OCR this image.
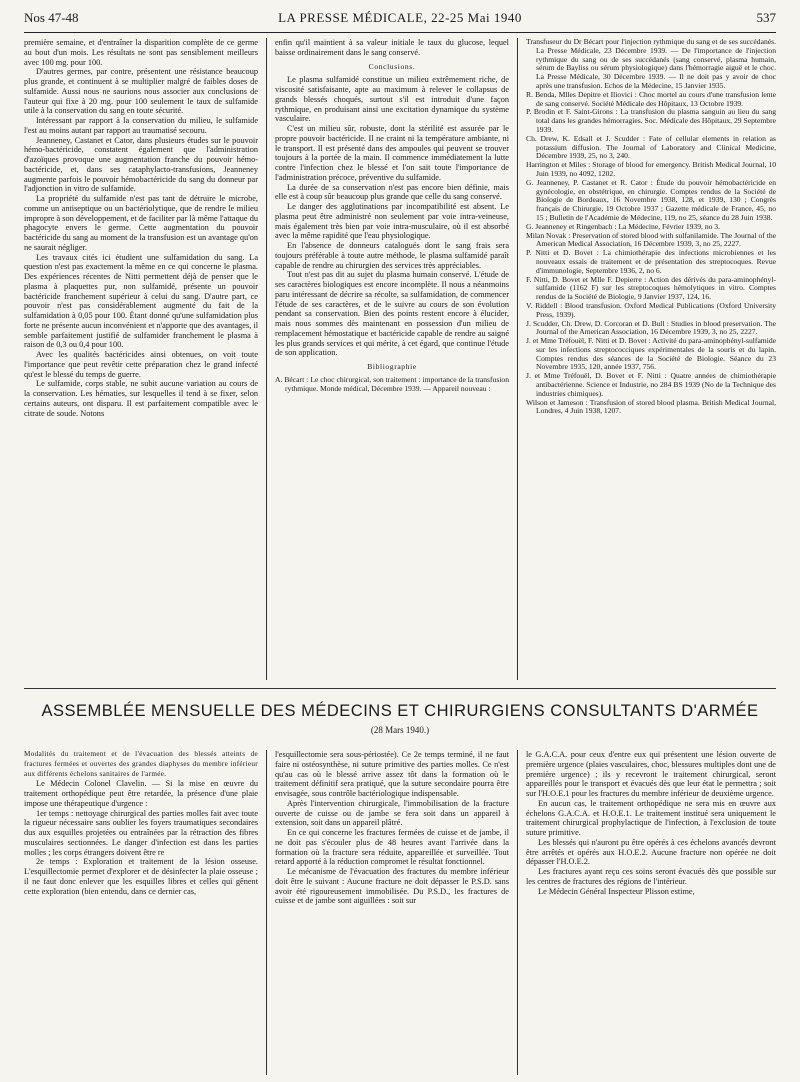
Nos 47-48	LA PRESSE MÉDICALE, 22-25 Mai 1940	537

première semaine, et d'entraîner la disparition complète de ce germe au bout d'un mois. Les résultats ne sont pas sensiblement meilleurs avec 100 mg. pour 100.

D'autres germes, par contre, présentent une résistance beaucoup plus grande, et continuent à se multiplier malgré de faibles doses de sulfamide. Aussi nous ne saurions nous associer aux conclusions de l'auteur qui fixe à 20 mg. pour 100 seulement le taux de sulfamide utile à la conservation du sang en toute sécurité.

Intéressant par rapport à la conservation du milieu, le sulfamide l'est au moins autant par rapport au traumatisé secouru.

Jeanneney, Castanet et Cator, dans plusieurs études sur le pouvoir hémo-bactéricide, constatent également que l'administration d'azoïques provoque une augmentation franche du pouvoir hémo-bactéricide, et, dans ses cataphylacto-transfusions, Jeanneney augmente parfois le pouvoir hémobactéricide du sang du donneur par l'adjonction in vitro de sulfamide.

La propriété du sulfamide n'est pas tant de détruire le microbe, comme un antiseptique ou un bactériolytique, que de rendre le milieu impropre à son développement, et de faciliter par là même l'attaque du phagocyte envers le germe. Cette augmentation du pouvoir bactéricide du sang au moment de la transfusion est un avantage qu'on ne saurait négliger.

Les travaux cités ici étudient une sulfamidation du sang. La question n'est pas exactement la même en ce qui concerne le plasma. Des expériences récentes de Nitti permettent déjà de penser que le plasma à plaquettes pur, non sulfamidé, présente un pouvoir bactéricide franchement supérieur à celui du sang. D'autre part, ce pouvoir n'est pas considérablement augmenté du fait de la sulfamidation à 0,05 pour 100. Étant donné qu'une sulfamidation plus forte ne présente aucun inconvénient et n'apporte que des avantages, il semble parfaitement justifié de sulfamider franchement le plasma à raison de 0,3 ou 0,4 pour 100.

Avec les qualités bactéricides ainsi obtenues, on voit toute l'importance que peut revêtir cette préparation chez le grand infecté qu'est le blessé du temps de guerre.

Le sulfamide, corps stable, ne subit aucune variation au cours de la conservation. Les hématies, sur lesquelles il tend à se fixer, selon certains auteurs, ont disparu. Il est parfaitement compatible avec le citrate de soude. Notons

enfin qu'il maintient à sa valeur initiale le taux du glucose, lequel baisse ordinairement dans le sang conservé.

Conclusions.

Le plasma sulfamidé constitue un milieu extrêmement riche, de viscosité satisfaisante, apte au maximum à relever le collapsus de grands blessés choqués, surtout s'il est introduit d'une façon rythmique, en produisant ainsi une excitation dynamique du système vasculaire.

C'est un milieu sûr, robuste, dont la stérilité est assurée par le propre pouvoir bactéricide. Il ne craint ni la température ambiante, ni le transport. Il est présenté dans des ampoules qui peuvent se trouver toujours à la portée de la main. Il commence immédiatement la lutte contre l'infection chez le blessé et l'on sait toute l'importance de l'administration précoce, préventive du sulfamide.

La durée de sa conservation n'est pas encore bien définie, mais elle est à coup sûr beaucoup plus grande que celle du sang conservé.

Le danger des agglutinations par incompatibilité est absent. Le plasma peut être administré non seulement par voie intra-veineuse, mais également très bien par voie intra-musculaire, où il est absorbé avec la même rapidité que l'eau physiologique.

En l'absence de donneurs catalogués dont le sang frais sera toujours préférable à toute autre méthode, le plasma sulfamidé paraît capable de rendre au chirurgien des services très appréciables.

Tout n'est pas dit au sujet du plasma humain conservé. L'étude de ses caractères biologiques est encore incomplète. Il nous a néanmoins paru intéressant de décrire sa récolte, sa sulfamidation, de commencer l'étude de ses caractères, et de le suivre au cours de son évolution pendant sa conservation. Bien des points restent encore à élucider, mais nous sommes dès maintenant en possession d'un milieu de remplacement hémostatique et bactéricide capable de rendre au saigné les plus grands services et qui mérite, à cet égard, que continue l'étude de son application.

Bibliographie

A. Bécart : Le choc chirurgical, son traitement : importance de la transfusion rythmique. Monde médical, Décembre 1939. — Appareil nouveau :

Transfuseur du Dr Bécart pour l'injection rythmique du sang et de ses succédanés. La Presse Médicale, 23 Décembre 1939. — De l'importance de l'injection rythmique du sang ou de ses succédanés (sang conservé, plasma humain, sérum de Bayliss ou sérum physiologique) dans l'hémorragie aiguë et le choc. La Presse Médicale, 30 Décembre 1939. — Il ne doit pas y avoir de choc après une transfusion. Echos de la Médecine, 15 Janvier 1935.

R. Benda, Mlles Depitre et Iliovici : Choc mortel au cours d'une transfusion lente de sang conservé. Société Médicale des Hôpitaux, 13 Octobre 1939.

P. Brodin et F. Saint-Girons : La transfusion du plasma sanguin au lieu du sang total dans les grandes hémorragies. Soc. Médicale des Hôpitaux, 29 Septembre 1939.

Ch. Drew, K. Edsall et J. Scudder : Fate of cellular elements in relation as potassium diffusion. The Journal of Laboratory and Clinical Medicine, Décembre 1939, 25, no 3, 240.

Harrington et Miles : Storage of blood for emergency. British Medical Journal, 10 Juin 1939, no 4092, 1202.

G. Jeanneney, P. Castanet et R. Cator : Étude du pouvoir hémobactéricide en gynécologie, en obstétrique, en chirurgie. Comptes rendus de la Société de Biologie de Bordeaux, 16 Novembre 1938, 128, et 1939, 130 ; Congrès français de Chirurgie, 19 Octobre 1937 ; Gazette médicale de France, 45, no 15 ; Bulletin de l'Académie de Médecine, 119, no 25, séance du 28 Juin 1938.

G. Jeanneney et Ringenbach : La Médecine, Février 1939, no 3.

Milan Novak : Preservation of stored blood with sulfanilamide. The Journal of the American Medical Association, 16 Décembre 1939, 3, no 25, 2227.

P. Nitti et D. Bovet : La chimiothérapie des infections microbiennes et les nouveaux essais de traitement et de présentation des streptocoques. Revue d'immunologie, Septembre 1936, 2, no 6.

F. Nitti, D. Bovet et Mlle F. Depierre : Action des dérivés du para-aminophényl-sulfamide (1162 F) sur les streptocoques hémolytiques in vitro. Comptes rendus de la Société de Biologie, 9 Janvier 1937, 124, 16.

V. Riddell : Blood transfusion. Oxford Medical Publications (Oxford University Press, 1939).

J. Scudder, Ch. Drew, D. Corcoran et D. Bull : Studies in blood preservation. The Journal of the American Association, 16 Décembre 1939, 3, no 25, 2227.

J. et Mme Tréfouël, F. Nitti et D. Bovet : Activité du para-aminophényl-sulfamide sur les infections streptococciques expérimentales de la souris et du lapin. Comptes rendus des séances de la Société de Biologie. Séance du 23 Novembre 1935, 120, année 1937, 756.

J. et Mme Tréfouël, D. Bovet et F. Nitti : Quatre années de chimiothérapie antibactérienne. Science et Industrie, no 284 BS 1939 (No de la Technique des industries chimiques).

Wilson et Jameson : Transfusion of stored blood plasma. British Medical Journal, Londres, 4 Juin 1938, 1207.

ASSEMBLÉE MENSUELLE DES MÉDECINS ET CHIRURGIENS CONSULTANTS D'ARMÉE
(28 Mars 1940.)

Modalités du traitement et de l'évacuation des blessés atteints de fractures fermées et ouvertes des grandes diaphyses du membre inférieur aux différents échelons sanitaires de l'armée.

Le Médecin Colonel Clavelin. — Si la mise en œuvre du traitement orthopédique peut être retardée, la présence d'une plaie impose une thérapeutique d'urgence :

1er temps : nettoyage chirurgical des parties molles fait avec toute la rigueur nécessaire sans oublier les foyers traumatiques secondaires dus aux esquilles projetées ou entraînées par la rétraction des fibres musculaires sectionnées. Le danger d'infection est dans les parties molles ; les corps étrangers doivent être re

2e temps : Exploration et traitement de la lésion osseuse. L'esquillectomie permet d'explorer et de désinfecter la plaie osseuse ; il ne faut donc enlever que les esquilles libres et celles qui gênent cette exploration (bien entendu, dans ce dernier cas,

l'esquillectomie sera sous-périostée). Ce 2e temps terminé, il ne faut faire ni ostéosynthèse, ni suture primitive des parties molles. Ce n'est qu'au cas où le blessé arrive assez tôt dans la formation où le traitement définitif sera pratiqué, que la suture secondaire pourra être envisagée, sous contrôle bactériologique indispensable.

Après l'intervention chirurgicale, l'immobilisation de la fracture ouverte de cuisse ou de jambe se fera soit dans un appareil à extension, soit dans un appareil plâtré.

En ce qui concerne les fractures fermées de cuisse et de jambe, il ne doit pas s'écouler plus de 48 heures avant l'arrivée dans la formation où la fracture sera réduite, appareillée et surveillée. Tout retard apporté à la réduction compromet le résultat fonctionnel.

Le mécanisme de l'évacuation des fractures du membre inférieur doit être le suivant : Aucune fracture ne doit dépasser le P.S.D. sans avoir été rigoureusement immobilisée. Du P.S.D., les fractures de cuisse et de jambe sont aiguillées : soit sur

le G.A.C.A. pour ceux d'entre eux qui présentent une lésion ouverte de première urgence (plaies vasculaires, choc, blessures multiples dont une de première urgence) ; ils y recevront le traitement chirurgical, seront appareillés pour le transport et évacués dès que leur état le permettra ; soit sur l'H.O.E.1 pour les fractures du membre inférieur de deuxième urgence.

En aucun cas, le traitement orthopédique ne sera mis en œuvre aux échelons G.A.C.A. et H.O.E.1. Le traitement institué sera uniquement le traitement chirurgical prophylactique de l'infection, à l'exclusion de toute suture primitive.

Les blessés qui n'auront pu être opérés à ces échelons avancés devront être arrêtés et opérés aux H.O.E.2. Aucune fracture non opérée ne doit dépasser l'H.O.E.2.

Les fractures ayant reçu ces soins seront évacués dès que possible sur les centres de fractures des régions de l'intérieur.

Le Médecin Général Inspecteur Plisson estime,
